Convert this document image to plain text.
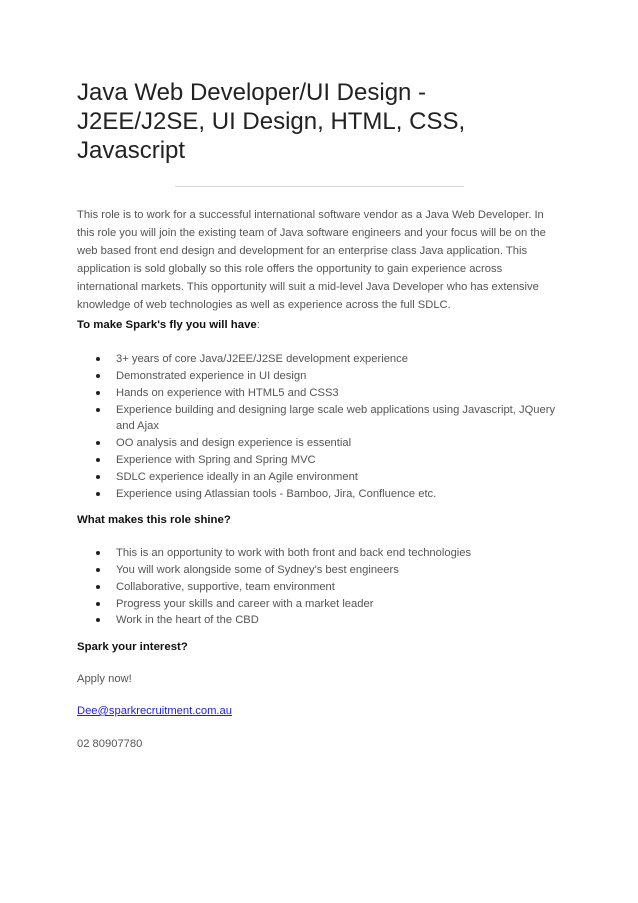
Java Web Developer/UI Design -
J2EE/J2SE, UI Design, HTML, CSS,
Javascript
This role is to work for a successful international software vendor as a Java Web Developer. In
this role you will join the existing team of Java software engineers and your focus will be on the
web based front end design and development for an enterprise class Java application. This
application is sold globally so this role offers the opportunity to gain experience across
international markets. This opportunity will suit a mid-level Java Developer who has extensive
knowledge of web technologies as well as experience across the full SDLC.
To make Spark's fly you will have:
3+ years of core Java/J2EE/J2SE development experience
Demonstrated experience in UI design
Hands on experience with HTML5 and CSS3
Experience building and designing large scale web applications using Javascript, JQuery
and Ajax
OO analysis and design experience is essential
Experience with Spring and Spring MVC
SDLC experience ideally in an Agile environment
Experience using Atlassian tools - Bamboo, Jira, Confluence etc.
What makes this role shine?
This is an opportunity to work with both front and back end technologies
You will work alongside some of Sydney's best engineers
Collaborative, supportive, team environment
Progress your skills and career with a market leader
Work in the heart of the CBD
Spark your interest?
Apply now!
Dee@sparkrecruitment.com.au
02 80907780
